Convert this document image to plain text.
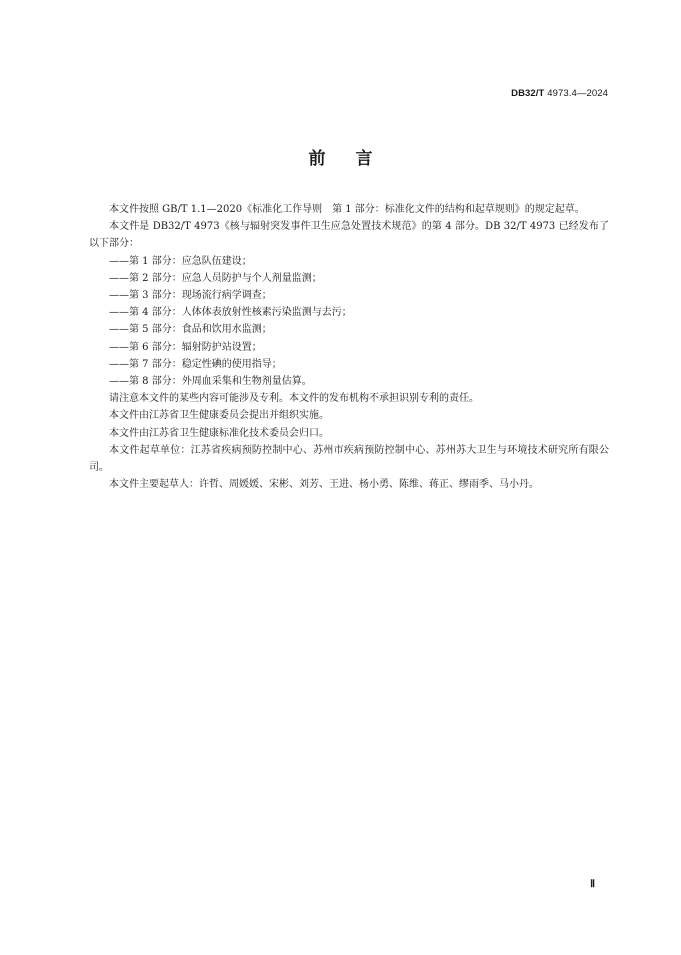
DB32/T 4973.4—2024
前言

本文件按照 GB/T 1.1—2020《标准化工作导则　第 1 部分：标准化文件的结构和起草规则》的规定起草。

本文件是 DB32/T 4973《核与辐射突发事件卫生应急处置技术规范》的第 4 部分。DB 32/T 4973 已经发布了以下部分：

——第 1 部分：应急队伍建设；

——第 2 部分：应急人员防护与个人剂量监测；

——第 3 部分：现场流行病学调查；

——第 4 部分：人体体表放射性核素污染监测与去污；

——第 5 部分：食品和饮用水监测；

——第 6 部分：辐射防护站设置；

——第 7 部分：稳定性碘的使用指导；

——第 8 部分：外周血采集和生物剂量估算。

请注意本文件的某些内容可能涉及专利。本文件的发布机构不承担识别专利的责任。

本文件由江苏省卫生健康委员会提出并组织实施。

本文件由江苏省卫生健康标准化技术委员会归口。

本文件起草单位：江苏省疾病预防控制中心、苏州市疾病预防控制中心、苏州苏大卫生与环境技术研究所有限公司。

本文件主要起草人：许哲、周媛媛、宋彬、刘芳、王进、杨小勇、陈维、蒋正、缪雨季、马小丹。

Ⅱ
